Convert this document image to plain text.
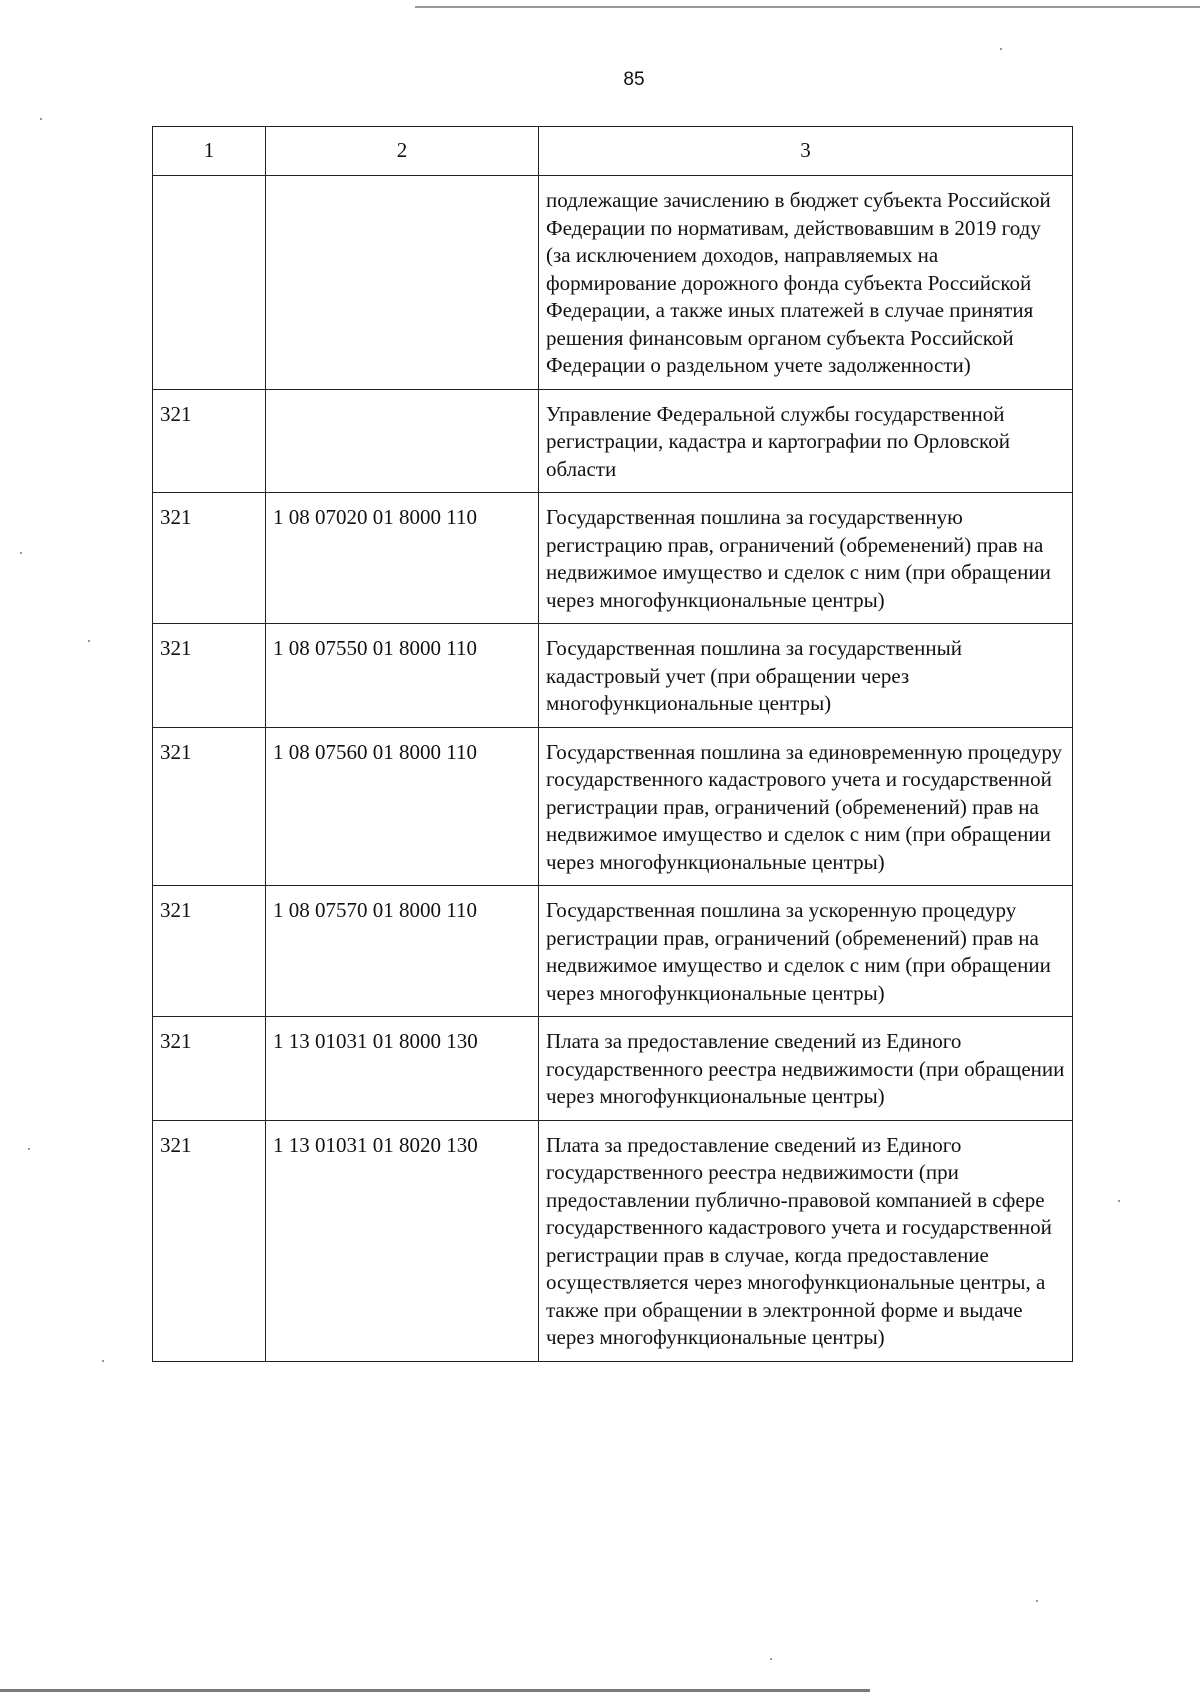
85
1	2	3
		подлежащие зачислению в бюджет субъекта Российской Федерации по нормативам, действовавшим в 2019 году (за исключением доходов, направляемых на формирование дорожного фонда субъекта Российской Федерации, а также иных платежей в случае принятия решения финансовым органом субъекта Российской Федерации о раздельном учете задолженности)
321		Управление Федеральной службы государственной регистрации, кадастра и картографии по Орловской области
321	1 08 07020 01 8000 110	Государственная пошлина за государственную регистрацию прав, ограничений (обременений) прав на недвижимое имущество и сделок с ним (при обращении через многофункциональные центры)
321	1 08 07550 01 8000 110	Государственная пошлина за государственный кадастровый учет (при обращении через многофункциональные центры)
321	1 08 07560 01 8000 110	Государственная пошлина за единовременную процедуру государственного кадастрового учета и государственной регистрации прав, ограничений (обременений) прав на недвижимое имущество и сделок с ним (при обращении через многофункциональные центры)
321	1 08 07570 01 8000 110	Государственная пошлина за ускоренную процедуру регистрации прав, ограничений (обременений) прав на недвижимое имущество и сделок с ним (при обращении через многофункциональные центры)
321	1 13 01031 01 8000 130	Плата за предоставление сведений из Единого государственного реестра недвижимости (при обращении через многофункциональные центры)
321	1 13 01031 01 8020 130	Плата за предоставление сведений из Единого государственного реестра недвижимости (при предоставлении публично-правовой компанией в сфере государственного кадастрового учета и государственной регистрации прав в случае, когда предоставление осуществляется через многофункциональные центры, а также при обращении в электронной форме и выдаче через многофункциональные центры)
